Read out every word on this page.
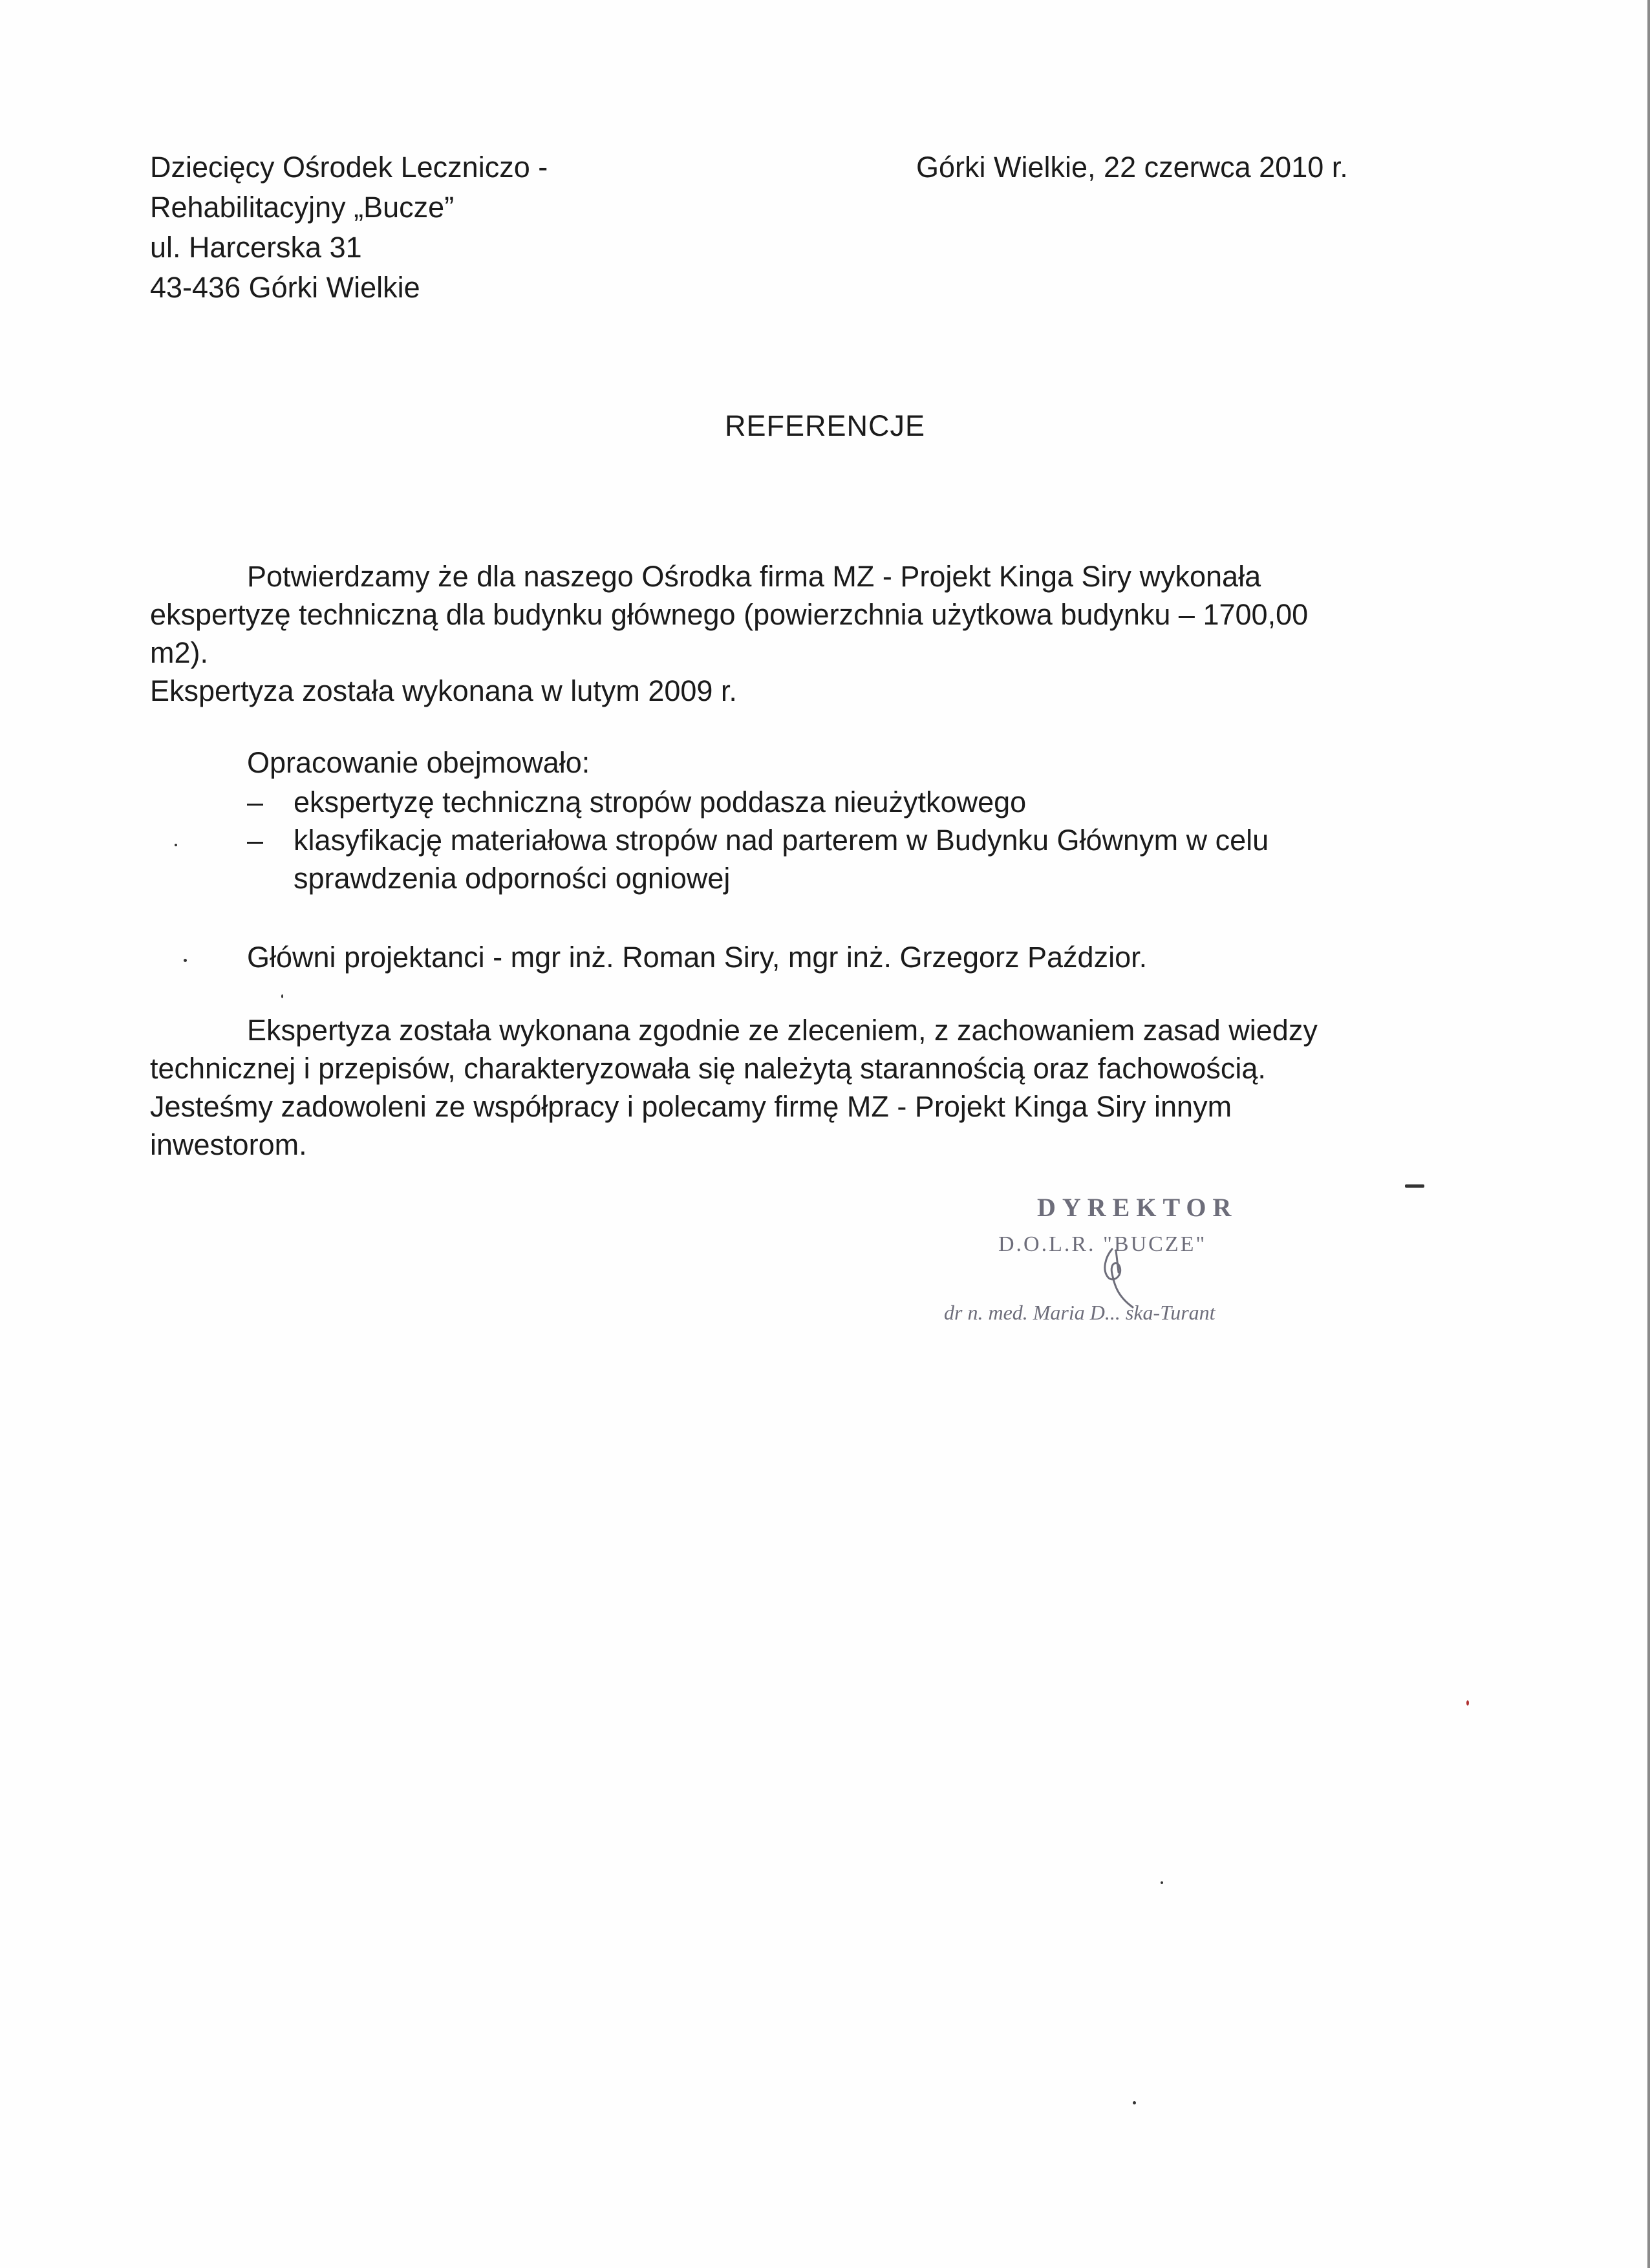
Dziecięcy Ośrodek Leczniczo -
Rehabilitacyjny „Bucze”
ul. Harcerska 31
43-436 Górki Wielkie
Górki Wielkie, 22 czerwca 2010 r.
REFERENCJE
Potwierdzamy że dla naszego Ośrodka firma MZ - Projekt Kinga Siry wykonała
ekspertyzę techniczną dla budynku głównego (powierzchnia użytkowa budynku – 1700,00
m2).
Ekspertyza została wykonana w lutym 2009 r.
Opracowanie obejmowało:
– ekspertyzę techniczną stropów poddasza nieużytkowego
– klasyfikację materiałowa stropów nad parterem w Budynku Głównym w celu
sprawdzenia odporności ogniowej
Główni projektanci - mgr inż. Roman Siry, mgr inż. Grzegorz Paździor.
Ekspertyza została wykonana zgodnie ze zleceniem, z zachowaniem zasad wiedzy
technicznej i przepisów, charakteryzowała się należytą starannością oraz fachowością.
Jesteśmy zadowoleni ze współpracy i polecamy firmę MZ - Projekt Kinga Siry innym
inwestorom.
DYREKTOR
D.O.L.R. "BUCZE"
dr n. med. Maria D... ska-Turant
